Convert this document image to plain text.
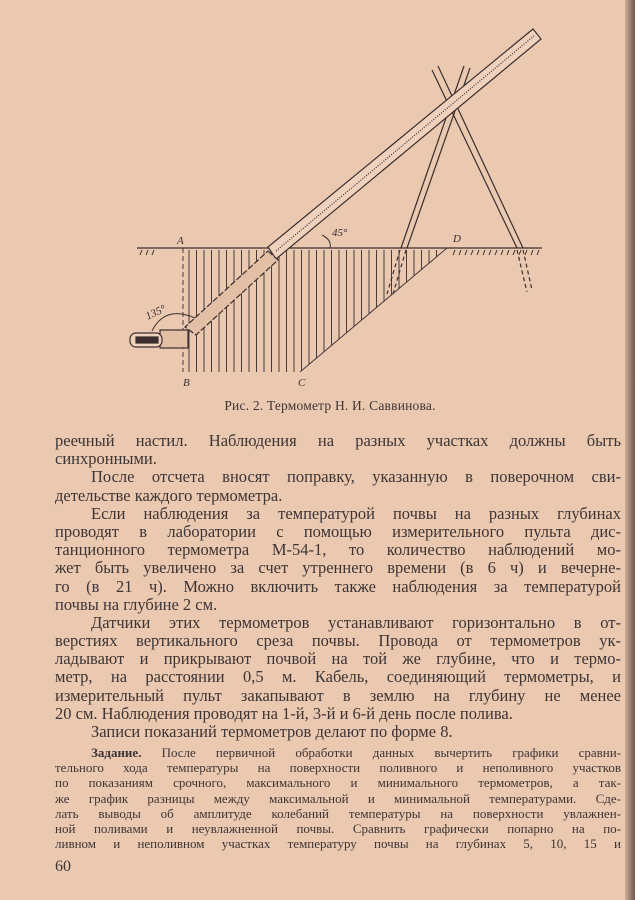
A
B	C
D
45°
135°
Рис. 2. Термометр Н. И. Саввинова.
реечный настил. Наблюдения на разных участках должны быть
синхронными.
После отсчета вносят поправку, указанную в поверочном сви-
детельстве каждого термометра.
Если наблюдения за температурой почвы на разных глубинах
проводят в лаборатории с помощью измерительного пульта дис-
танционного термометра М-54-1, то количество наблюдений мо-
жет быть увеличено за счет утреннего времени (в 6 ч) и вечерне-
го (в 21 ч). Можно включить также наблюдения за температурой
почвы на глубине 2 см.
Датчики этих термометров устанавливают горизонтально в от-
верстиях вертикального среза почвы. Провода от термометров ук-
ладывают и прикрывают почвой на той же глубине, что и термо-
метр, на расстоянии 0,5 м. Кабель, соединяющий термометры, и
измерительный пульт закапывают в землю на глубину не менее
20 см. Наблюдения проводят на 1-й, 3-й и 6-й день после полива.
Записи показаний термометров делают по форме 8.
Задание. После первичной обработки данных вычертить графики сравни-
тельного хода температуры на поверхности поливного и неполивного участков
по показаниям срочного, максимального и минимального термометров, а так-
же график разницы между максимальной и минимальной температурами. Сде-
лать выводы об амплитуде колебаний температуры на поверхности увлажнен-
ной поливами и неувлажненной почвы. Сравнить графически попарно на по-
ливном и неполивном участках температуру почвы на глубинах 5, 10, 15 и
60
